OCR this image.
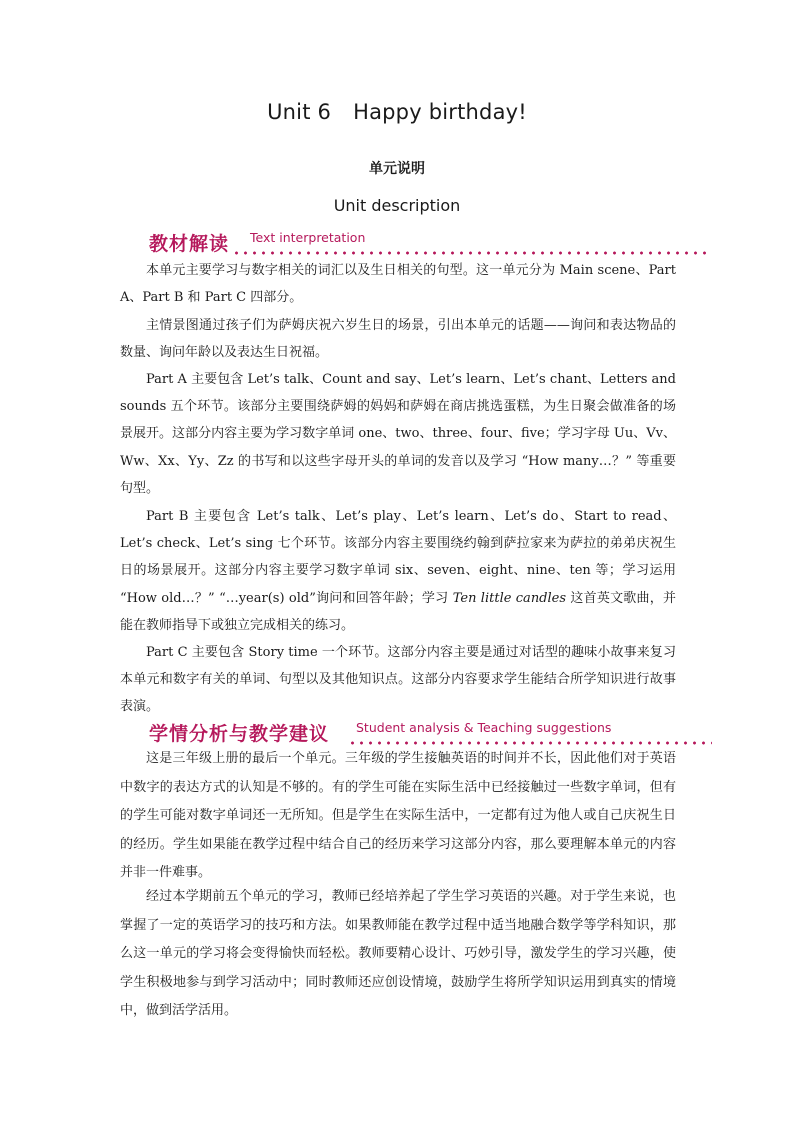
Unit 6 Happy birthday!
单元说明
Unit description
教材解读 Text interpretation

本单元主要学习与数字相关的词汇以及生日相关的句型。这一单元分为 Main scene、Part A、Part B 和 Part C 四部分。

主情景图通过孩子们为萨姆庆祝六岁生日的场景，引出本单元的话题——询问和表达物品的数量、询问年龄以及表达生日祝福。

Part A 主要包含 Let’s talk、Count and say、Let’s learn、Let’s chant、Letters and sounds 五个环节。该部分主要围绕萨姆的妈妈和萨姆在商店挑选蛋糕，为生日聚会做准备的场景展开。这部分内容主要为学习数字单词 one、two、three、four、five；学习字母 Uu、Vv、Ww、Xx、Yy、Zz 的书写和以这些字母开头的单词的发音以及学习 “How many…？” 等重要句型。

Part B 主要包含 Let’s talk、Let’s play、Let’s learn、Let’s do、Start to read、Let’s check、Let’s sing 七个环节。该部分内容主要围绕约翰到萨拉家来为萨拉的弟弟庆祝生日的场景展开。这部分内容主要学习数字单词 six、seven、eight、nine、ten 等；学习运用 “How old…？” “…year(s) old”询问和回答年龄；学习 Ten little candles 这首英文歌曲，并能在教师指导下或独立完成相关的练习。

Part C 主要包含 Story time 一个环节。这部分内容主要是通过对话型的趣味小故事来复习本单元和数字有关的单词、句型以及其他知识点。这部分内容要求学生能结合所学知识进行故事表演。

学情分析与教学建议 Student analysis & Teaching suggestions

这是三年级上册的最后一个单元。三年级的学生接触英语的时间并不长，因此他们对于英语中数字的表达方式的认知是不够的。有的学生可能在实际生活中已经接触过一些数字单词，但有的学生可能对数字单词还一无所知。但是学生在实际生活中，一定都有过为他人或自己庆祝生日的经历。学生如果能在教学过程中结合自己的经历来学习这部分内容，那么要理解本单元的内容并非一件难事。

经过本学期前五个单元的学习，教师已经培养起了学生学习英语的兴趣。对于学生来说，也掌握了一定的英语学习的技巧和方法。如果教师能在教学过程中适当地融合数学等学科知识，那么这一单元的学习将会变得愉快而轻松。教师要精心设计、巧妙引导，激发学生的学习兴趣，使学生积极地参与到学习活动中；同时教师还应创设情境，鼓励学生将所学知识运用到真实的情境中，做到活学活用。
